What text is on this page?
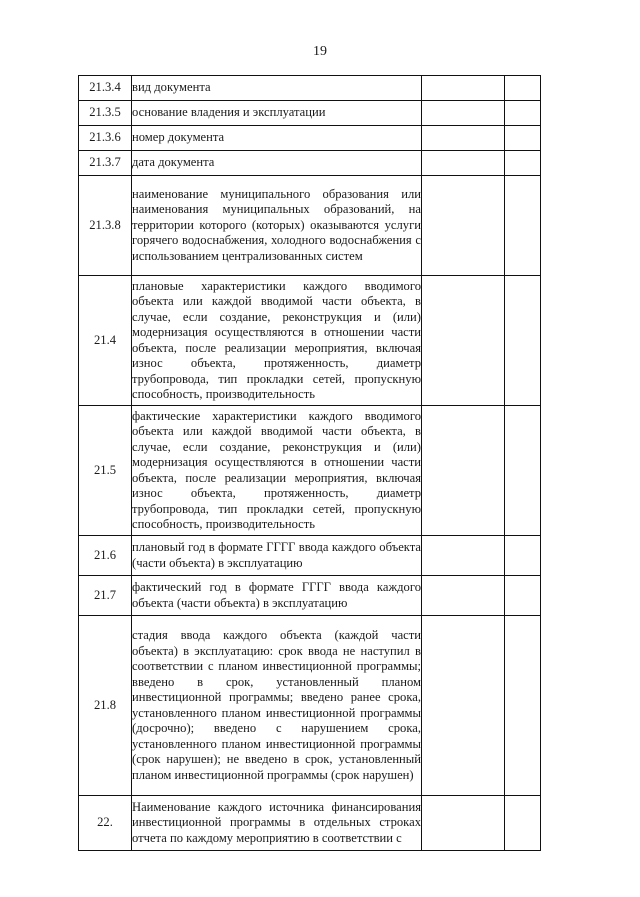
19
21.3.4	вид документа		

21.3.5	основание владения и эксплуатации		

21.3.6	номер документа		

21.3.7	дата документа		

21.3.8	наименование муниципального образования или наименования муниципальных образований, на территории которого (которых) оказываются услуги горячего водоснабжения, холодного водоснабжения с использованием централизованных систем		

21.4	плановые характеристики каждого вводимого объекта или каждой вводимой части объекта, в случае, если создание, реконструкция и (или) модернизация осуществляются в отношении части объекта, после реализации мероприятия, включая износ объекта, протяженность, диаметр трубопровода, тип прокладки сетей, пропускную способность, производительность		

21.5	фактические характеристики каждого вводимого объекта или каждой вводимой части объекта, в случае, если создание, реконструкция и (или) модернизация осуществляются в отношении части объекта, после реализации мероприятия, включая износ объекта, протяженность, диаметр трубопровода, тип прокладки сетей, пропускную способность, производительность		

21.6	плановый год в формате ГГГГ ввода каждого объекта (части объекта) в эксплуатацию		

21.7	фактический год в формате ГГГГ ввода каждого объекта (части объекта) в эксплуатацию		

21.8	стадия ввода каждого объекта (каждой части объекта) в эксплуатацию: срок ввода не наступил в соответствии с планом инвестиционной программы; введено в срок, установленный планом инвестиционной программы; введено ранее срока, установленного планом инвестиционной программы (досрочно); введено с нарушением срока, установленного планом инвестиционной программы (срок нарушен); не введено в срок, установленный планом инвестиционной программы (срок нарушен)		

22.	Наименование каждого источника финансирования инвестиционной программы в отдельных строках отчета по каждому мероприятию в соответствии с		
